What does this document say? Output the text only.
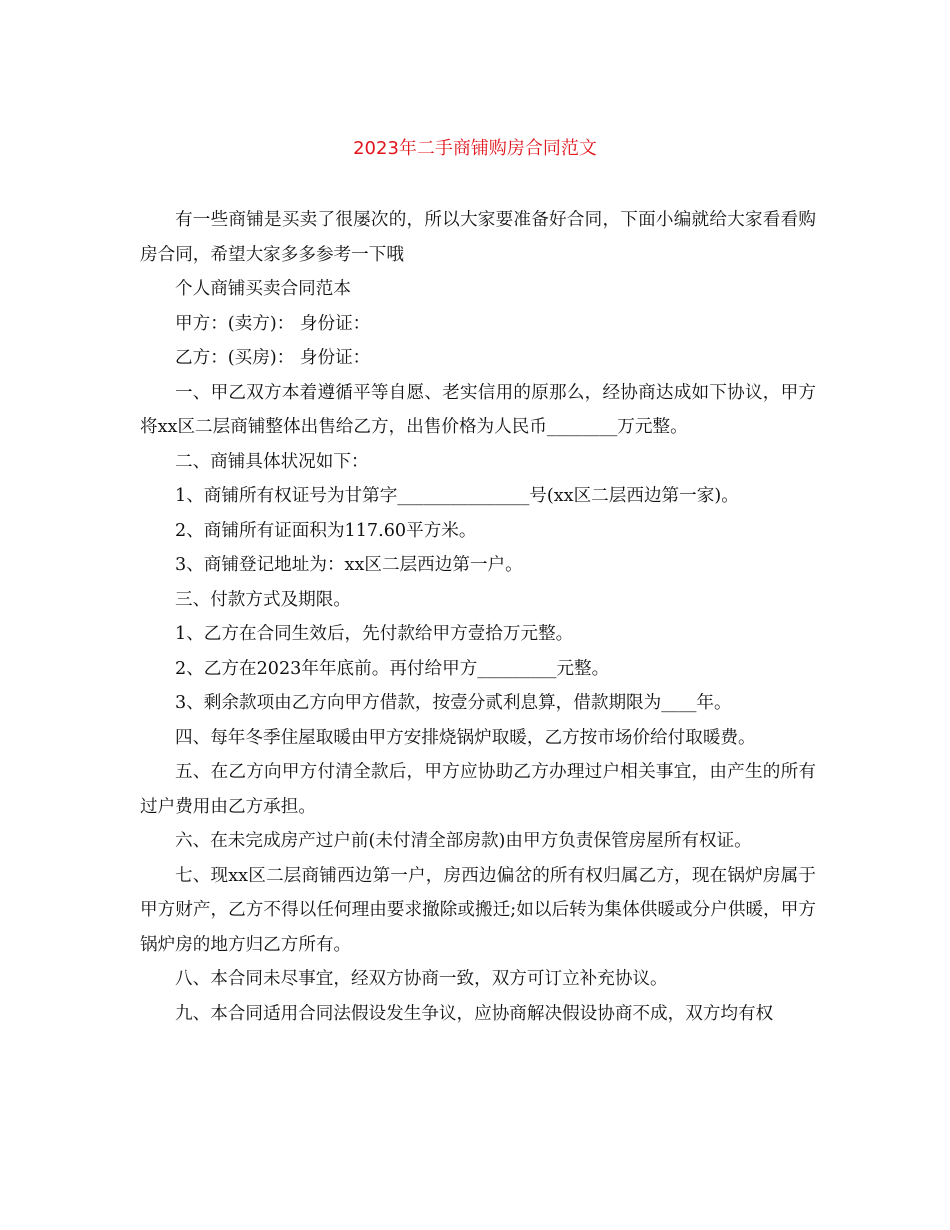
2023年二手商铺购房合同范文

有一些商铺是买卖了很屡次的，所以大家要准备好合同，下面小编就给大家看看购房合同，希望大家多多参考一下哦

个人商铺买卖合同范本

甲方：(卖方)： 身份证：

乙方：(买房)： 身份证：

一、甲乙双方本着遵循平等自愿、老实信用的原那么，经协商达成如下协议，甲方将xx区二层商铺整体出售给乙方，出售价格为人民币________万元整。

二、商铺具体状况如下：

1、商铺所有权证号为甘第字_______________号(xx区二层西边第一家)。

2、商铺所有证面积为117.60平方米。

3、商铺登记地址为：xx区二层西边第一户。

三、付款方式及期限。

1、乙方在合同生效后，先付款给甲方壹拾万元整。

2、乙方在2023年年底前。再付给甲方_________元整。

3、剩余款项由乙方向甲方借款，按壹分贰利息算，借款期限为____年。

四、每年冬季住屋取暖由甲方安排烧锅炉取暖，乙方按市场价给付取暖费。

五、在乙方向甲方付清全款后，甲方应协助乙方办理过户相关事宜，由产生的所有过户费用由乙方承担。

六、在未完成房产过户前(未付清全部房款)由甲方负责保管房屋所有权证。

七、现xx区二层商铺西边第一户，房西边偏岔的所有权归属乙方，现在锅炉房属于甲方财产，乙方不得以任何理由要求撤除或搬迁;如以后转为集体供暖或分户供暖，甲方锅炉房的地方归乙方所有。

八、本合同未尽事宜，经双方协商一致，双方可订立补充协议。

九、本合同适用合同法假设发生争议，应协商解决假设协商不成，双方均有权
